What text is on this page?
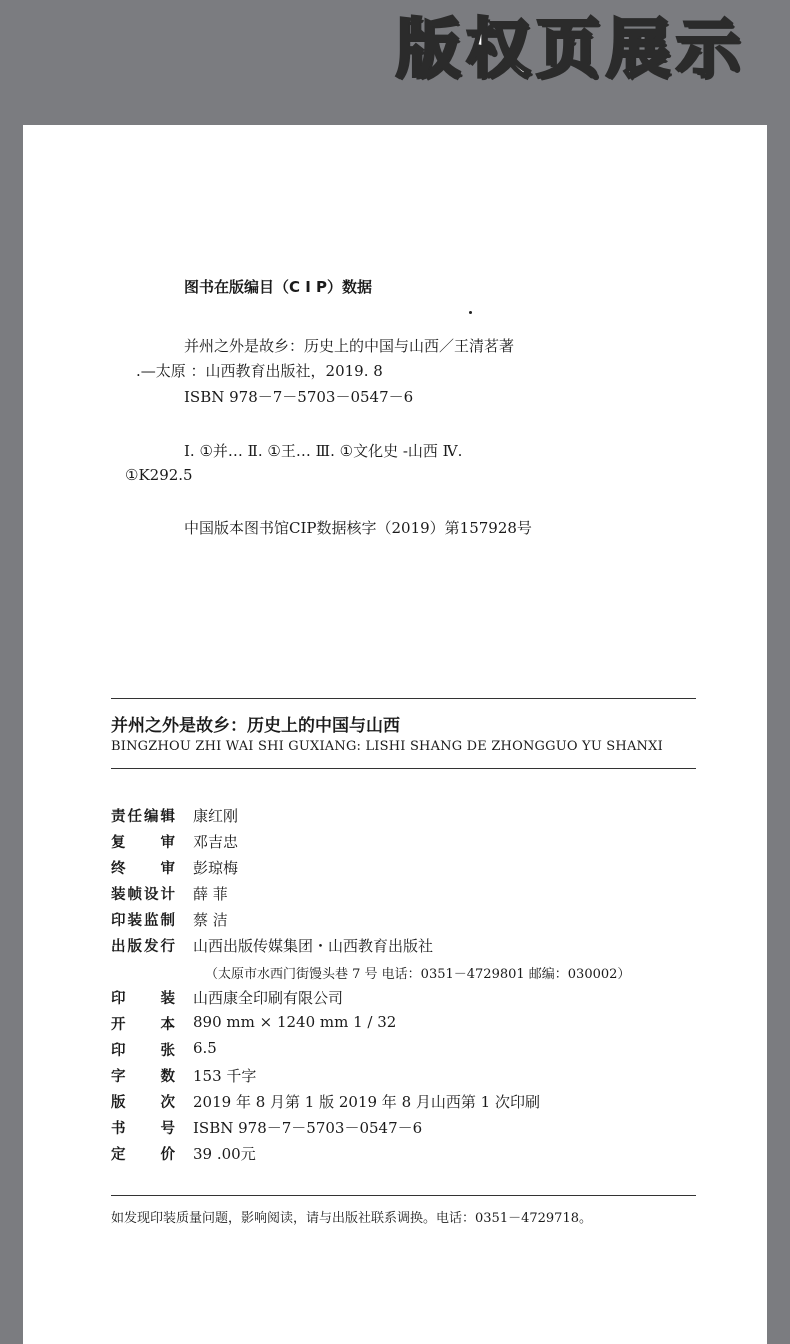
版权页展示
图书在版编目（C I P）数据
并州之外是故乡：历史上的中国与山西／王清茗著
.—太原 ：山西教育出版社，2019. 8
ISBN 978－7－5703－0547－6
Ⅰ. ①并… Ⅱ. ①王… Ⅲ. ①文化史 -山西 Ⅳ.
①K292.5
中国版本图书馆CIP数据核字（2019）第157928号
并州之外是故乡：历史上的中国与山西
BINGZHOU ZHI WAI SHI GUXIANG: LISHI SHANG DE ZHONGGUO YU SHANXI
责 任 编 辑 康红刚
复 审 邓吉忠
终 审 彭琼梅
装 帧 设 计 薛 菲
印 装 监 制 蔡 洁
出 版 发 行 山西出版传媒集团・山西教育出版社
印 装 山西康全印刷有限公司
开 本 890 mm × 1240 mm 1 / 32
印 张 6.5
字 数 153 千字
版 次 2019 年 8 月第 1 版 2019 年 8 月山西第 1 次印刷
书 号 ISBN 978－7－5703－0547－6
定 价 39 .00元
（太原市水西门街馒头巷 7 号 电话：0351－4729801 邮编：030002）
如发现印装质量问题，影响阅读，请与出版社联系调换。电话：0351－4729718。
